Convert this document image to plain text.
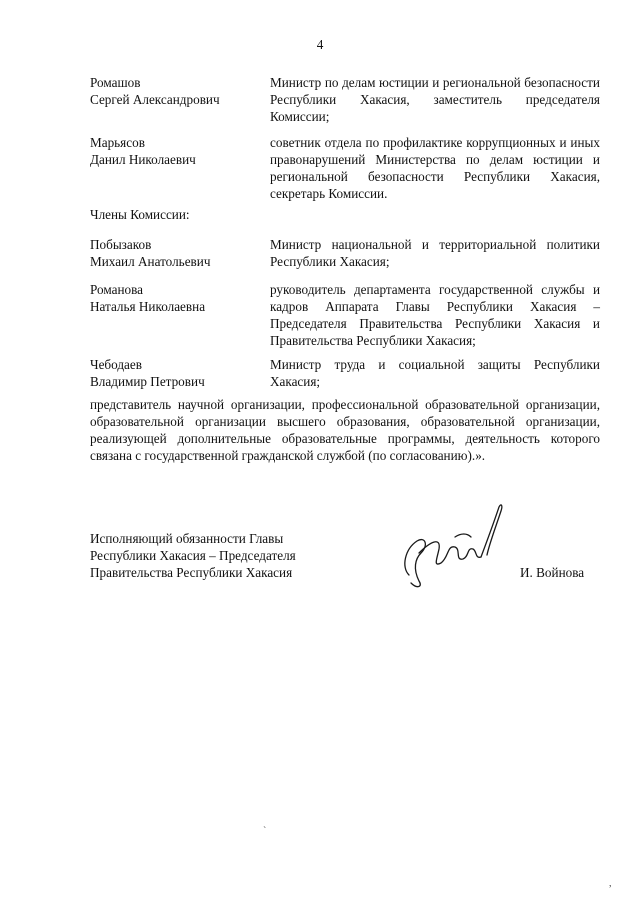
4
Ромашов
Сергей Александрович
Министр по делам юстиции и региональной безопасности Республики Хакасия, заместитель председателя Комиссии;
Марьясов
Данил Николаевич
советник отдела по профилактике коррупционных и иных правонарушений Министерства по делам юстиции и региональной безопасности Республики Хакасия, секретарь Комиссии.
Члены Комиссии:
Побызаков
Михаил Анатольевич
Министр национальной и территориальной политики Республики Хакасия;
Романова
Наталья Николаевна
руководитель департамента государственной службы и кадров Аппарата Главы Республики Хакасия – Председателя Правительства Республики Хакасия и Правительства Республики Хакасия;
Чебодаев
Владимир Петрович
Министр труда и социальной защиты Республики Хакасия;
представитель научной организации, профессиональной образовательной организации, образовательной организации высшего образования, образовательной организации, реализующей дополнительные образовательные программы, деятельность которого связана с государственной гражданской службой (по согласованию).».
Исполняющий обязанности Главы
Республики Хакасия – Председателя
Правительства Республики Хакасия	И. Войнова
`
,
